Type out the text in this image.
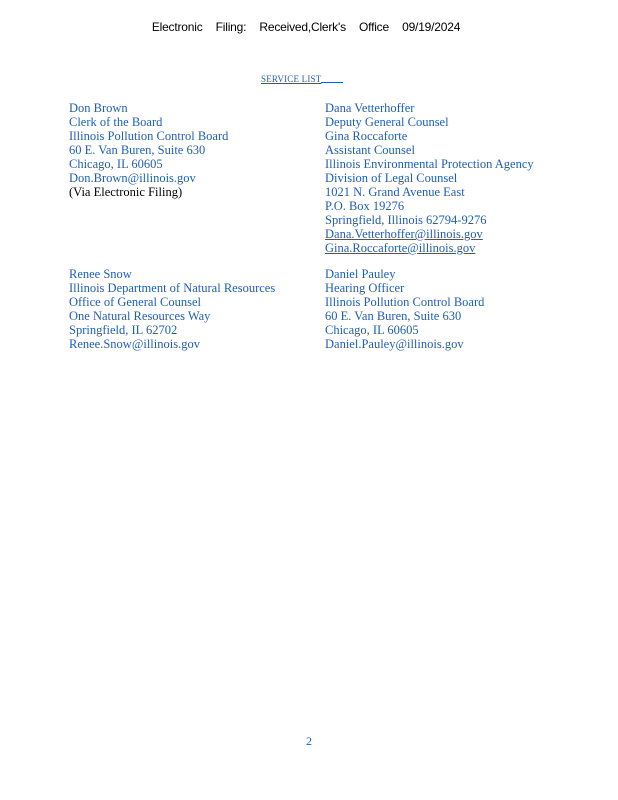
Electronic Filing: Received,Clerk's Office 09/19/2024
SERVICE LIST
Don Brown
Clerk of the Board
Illinois Pollution Control Board
60 E. Van Buren, Suite 630
Chicago, IL 60605
Don.Brown@illinois.gov
(Via Electronic Filing)
Dana Vetterhoffer
Deputy General Counsel
Gina Roccaforte
Assistant Counsel
Illinois Environmental Protection Agency
Division of Legal Counsel
1021 N. Grand Avenue East
P.O. Box 19276
Springfield, Illinois 62794-9276
Dana.Vetterhoffer@illinois.gov
Gina.Roccaforte@illinois.gov
Renee Snow
Illinois Department of Natural Resources
Office of General Counsel
One Natural Resources Way
Springfield, IL 62702
Renee.Snow@illinois.gov
Daniel Pauley
Hearing Officer
Illinois Pollution Control Board
60 E. Van Buren, Suite 630
Chicago, IL 60605
Daniel.Pauley@illinois.gov
2
